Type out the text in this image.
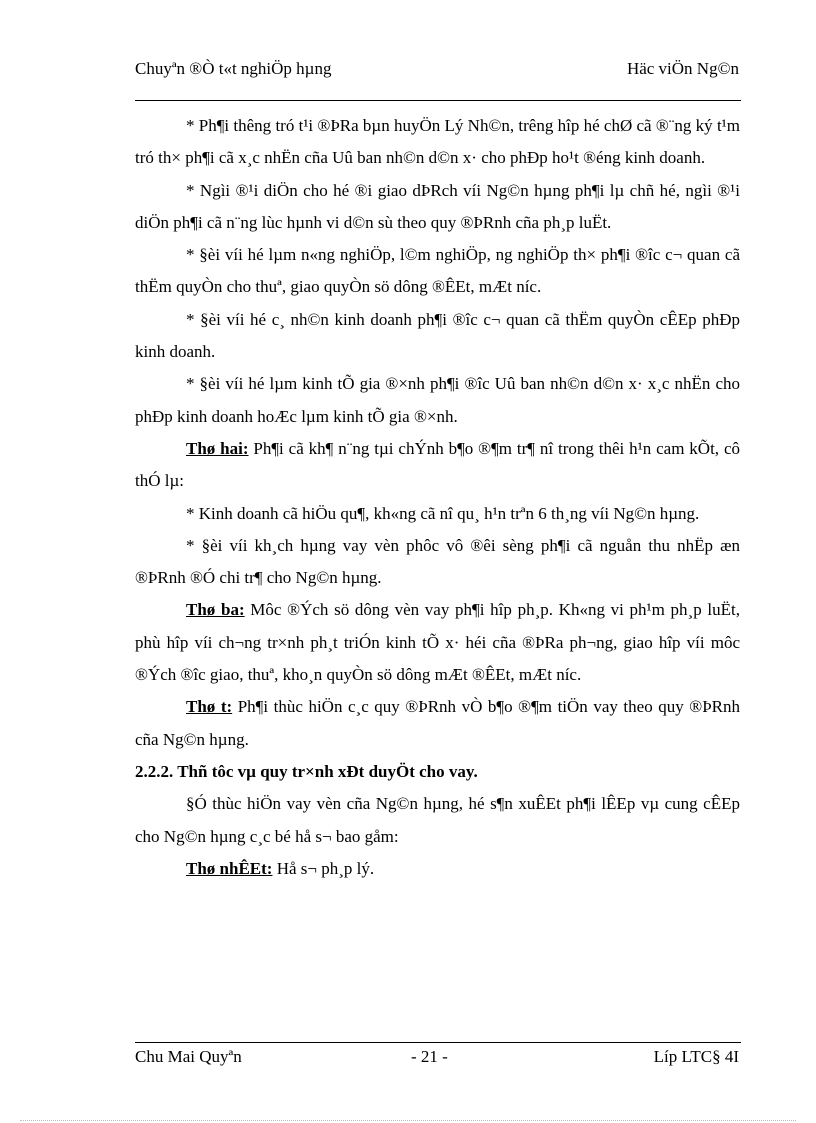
Chuyªn ®Ò t«t nghiÖp hµng	Häc viÖn Ng©n

* Ph¶i thêng tró t¹i ®ÞRa bµn huyÖn Lý Nh©n, trêng hîp hé chØ cã ®¨ng ký t¹m tró th× ph¶i cã x¸c nhËn cña Uû ban nh©n d©n x· cho phÐp ho¹t ®éng kinh doanh.

* Ngìi ®¹i diÖn cho hé ®i giao dÞRch víi Ng©n hµng ph¶i lµ chñ hé, ngìi ®¹i diÖn ph¶i cã n¨ng lùc hµnh vi d©n sù theo quy ®ÞRnh cña ph¸p luËt.

* §èi víi hé lµm n«ng nghiÖp, l©m nghiÖp, ng nghiÖp th× ph¶i ®îc c¬ quan cã thËm quyÒn cho thuª, giao quyÒn sö dông ®ÊEt, mÆt níc.

* §èi víi hé c¸ nh©n kinh doanh ph¶i ®îc c¬ quan cã thËm quyÒn cÊEp phÐp kinh doanh.

* §èi víi hé lµm kinh tÕ gia ®×nh ph¶i ®îc Uû ban nh©n d©n x· x¸c nhËn cho phÐp kinh doanh hoÆc lµm kinh tÕ gia ®×nh.

Thø hai: Ph¶i cã kh¶ n¨ng tµi chÝnh b¶o ®¶m tr¶ nî trong thêi h¹n cam kÕt, cô thÓ lµ:

* Kinh doanh cã hiÖu qu¶, kh«ng cã nî qu¸ h¹n trªn 6 th¸ng víi Ng©n hµng.

* §èi víi kh¸ch hµng vay vèn phôc vô ®êi sèng ph¶i cã nguån thu nhËp æn ®ÞRnh ®Ó chi tr¶ cho Ng©n hµng.

Thø ba: Môc ®Ých sö dông vèn vay ph¶i hîp ph¸p. Kh«ng vi ph¹m ph¸p luËt, phù hîp víi ch¬ng tr×nh ph¸t triÓn kinh tÕ x· héi cña ®ÞRa ph¬ng, giao hîp víi môc ®Ých ®îc giao, thuª, kho¸n quyÒn sö dông mÆt ®ÊEt, mÆt níc.

Thø t: Ph¶i thùc hiÖn c¸c quy ®ÞRnh vÒ b¶o ®¶m tiÖn vay theo quy ®ÞRnh cña Ng©n hµng.

2.2.2. Thñ tôc vµ quy tr×nh xÐt duyÖt cho vay.

§Ó thùc hiÖn vay vèn cña Ng©n hµng, hé s¶n xuÊEt ph¶i lÊEp vµ cung cÊEp cho Ng©n hµng c¸c bé hå s¬ bao gåm:

Thø nhÊEt: Hå s¬ ph¸p lý.

Chu Mai Quyªn	- 21 -	Líp LTC§ 4I
